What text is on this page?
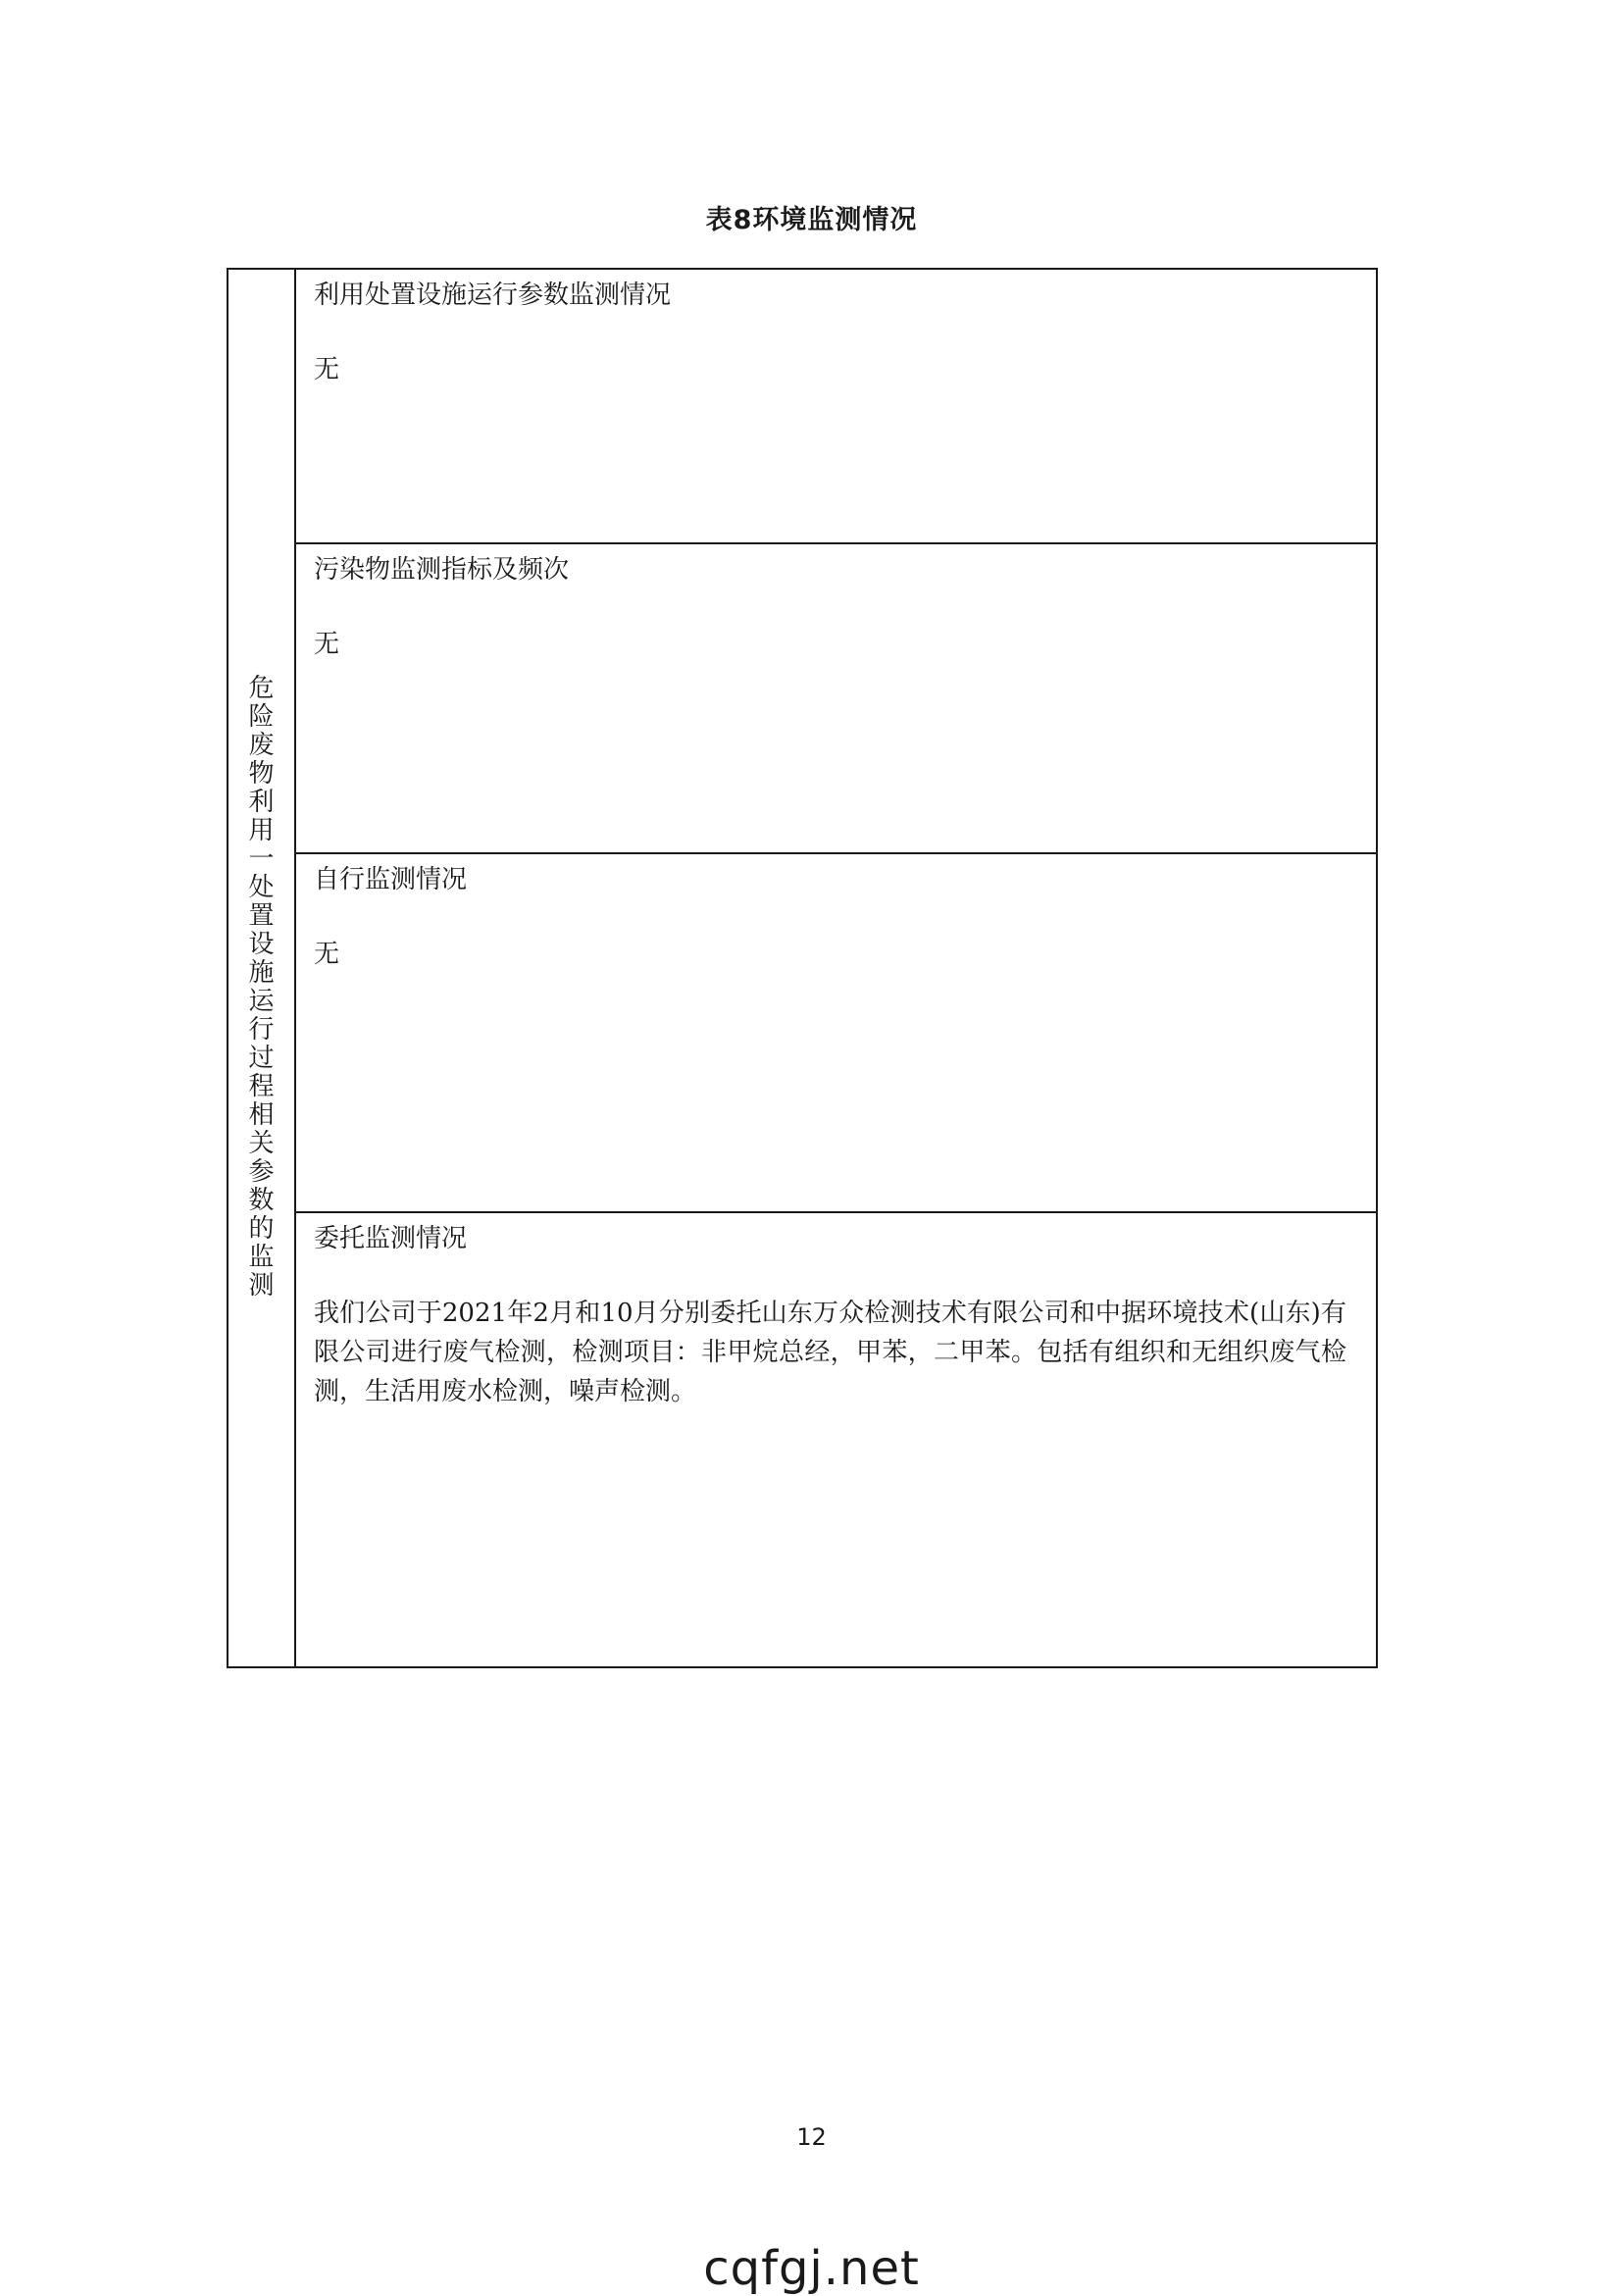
表8环境监测情况
危险废物利用一处置设施运行过程相关参数的监测

利用处置设施运行参数监测情况

无

污染物监测指标及频次

无

自行监测情况

无

委托监测情况

我们公司于2021年2月和10月分别委托山东万众检测技术有限公司和中据环境技术(山东)有限公司进行废气检测，检测项目：非甲烷总经，甲苯，二甲苯。包括有组织和无组织废气检测，生活用废水检测，噪声检测。
12
cqfgj.net
